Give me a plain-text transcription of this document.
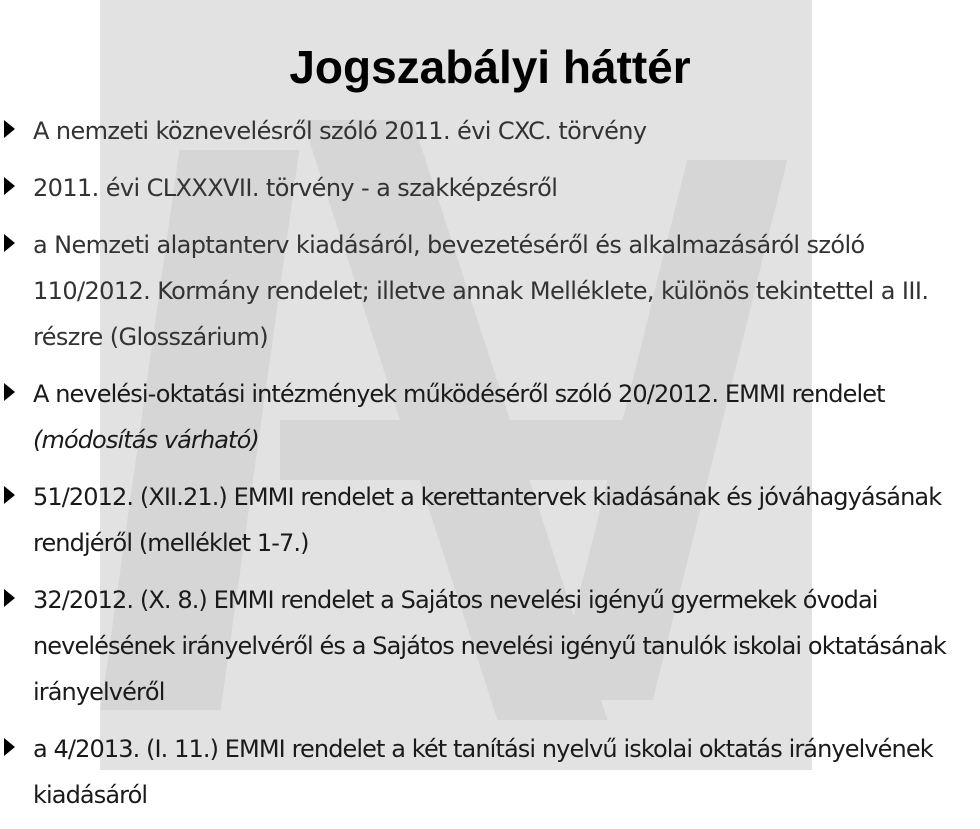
Jogszabályi háttér
A nemzeti köznevelésről szóló 2011. évi CXC. törvény
2011. évi CLXXXVII. törvény - a szakképzésről
a Nemzeti alaptanterv kiadásáról, bevezetéséről és alkalmazásáról szóló 110/2012. Kormány rendelet; illetve annak Melléklete, különös tekintettel a III. részre (Glosszárium)
A nevelési-oktatási intézmények működéséről szóló 20/2012. EMMI rendelet (módosítás várható)
51/2012. (XII.21.) EMMI rendelet a kerettantervek kiadásának és jóváhagyásának rendjéről (melléklet 1-7.)
32/2012. (X. 8.) EMMI rendelet a Sajátos nevelési igényű gyermekek óvodai nevelésének irányelvéről és a Sajátos nevelési igényű tanulók iskolai oktatásának irányelvéről
a 4/2013. (I. 11.) EMMI rendelet a két tanítási nyelvű iskolai oktatás irányelvének kiadásáról
